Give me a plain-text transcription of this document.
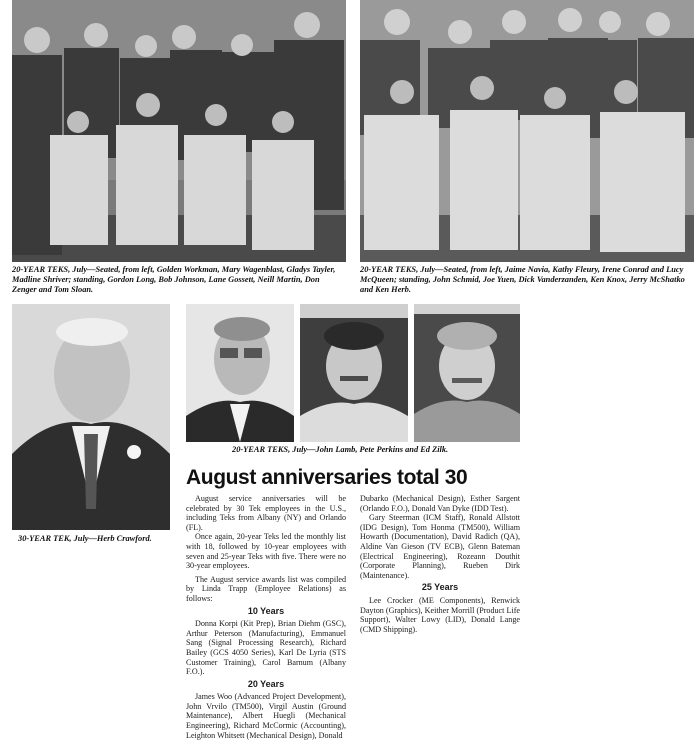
20-YEAR TEKS, July—Seated, from left, Golden Workman, Mary Wagenblast, Gladys Tayler, Madline Shriver; standing, Gordon Long, Bob Johnson, Lane Gossett, Neill Martin, Don Zenger and Tom Sloan.
20-YEAR TEKS, July—Seated, from left, Jaime Navia, Kathy Fleury, Irene Conrad and Lucy McQueen; standing, John Schmid, Joe Yuen, Dick Vanderzanden, Ken Knox, Jerry McShatko and Ken Herb.
30-YEAR TEK, July—Herb Crawford.
20-YEAR TEKS, July—John Lamb, Pete Perkins and Ed Zilk.
August anniversaries total 30

August service anniversaries will be celebrated by 30 Tek employees in the U.S., including Teks from Albany (NY) and Orlando (FL).

Once again, 20-year Teks led the monthly list with 18, followed by 10-year employees with seven and 25-year Teks with five. There were no 30-year employees.

The August service awards list was compiled by Linda Trapp (Employee Relations) as follows:

10 Years

Donna Korpi (Kit Prep), Brian Diehm (GSC), Arthur Peterson (Manufacturing), Emmanuel Sang (Signal Processing Research), Richard Bailey (GCS 4050 Series), Karl De Lyria (STS Customer Training), Carol Barnum (Albany F.O.).

20 Years

James Woo (Advanced Project Development), John Vrvilo (TM500), Virgil Austin (Ground Maintenance), Albert Huegli (Mechanical Engineering), Richard McCormic (Accounting), Leighton Whitsett (Mechanical Design), Donald

Dubarko (Mechanical Design), Esther Sargent (Orlando F.O.), Donald Van Dyke (IDD Test).

Gary Steerman (ICM Staff), Ronald Allstott (IDG Design), Tom Honma (TM500), William Howarth (Documentation), David Radich (QA), Aldine Van Gieson (TV ECB), Glenn Bateman (Electrical Engineering), Rozeann Douthit (Corporate Planning), Rueben Dirk (Maintenance).

25 Years

Lee Crocker (ME Components), Renwick Dayton (Graphics), Keither Morrill (Product Life Support), Walter Lowy (LID), Donald Lange (CMD Shipping).
